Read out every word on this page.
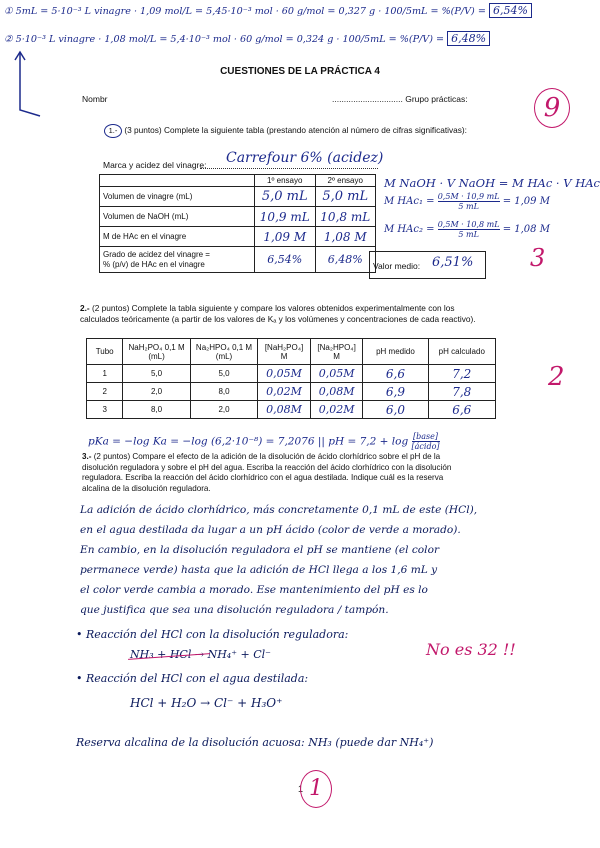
① 5mL = 5·10⁻³ L vinagre · 1,09 mol/L = 5,45·10⁻³ mol · 60 g/mol = 0,327 g · 100/5mL = %(P/V) = 6,54%
② 5·10⁻³ L vinagre · 1,08 mol/L = 5,4·10⁻³ mol · 60 g/mol = 0,324 g · 100/5mL = %(P/V) = 6,48%
CUESTIONES DE LA PRÁCTICA 4
Nombr	.............................. Grupo prácticas:	9
1.- (3 puntos) Complete la siguiente tabla (prestando atención al número de cifras significativas):
Marca y acidez del vinagre: Carrefour 6% (acidez)
	1º ensayo	2º ensayo
Volumen de vinagre (mL)	5,0 mL	5,0 mL
Volumen de NaOH (mL)	10,9 mL	10,8 mL
M de HAc en el vinagre	1,09 M	1,08 M
Grado de acidez del vinagre =
% (p/v) de HAc en el vinagre	6,54%	6,48% Valor medio: 6,51%
M NaOH · V NaOH = M HAc · V HAc
M $HAc_1 = \frac{0,5M \cdot 10,9 mL}{5 mL} = 1,09$ M
M $HAc_2 = \frac{0,5M \cdot 10,8 mL}{5 mL} = 1,08$ M
3
2.- (2 puntos) Complete la tabla siguiente y compare los valores obtenidos experimentalmente con los
calculados teóricamente (a partir de los valores de Kₐ y los volúmenes y concentraciones de cada reactivo).
Tubo	NaH₂PO₄ 0,1 M (mL)	Na₂HPO₄ 0,1 M (mL)	[NaH₂PO₄] M	[Na₂HPO₄] M	pH medido	pH calculado
1	5,0	5,0	0,05M	0,05M	6,6	7,2
2	2,0	8,0	0,02M	0,08M	6,9	7,8
3	8,0	2,0	0,08M	0,02M	6,0	6,6
2
pKa = −log Ka = −log (6,2·10⁻⁸) = 7,2076 || pH = 7,2 + log [base]
[ácido]
3.- (2 puntos) Compare el efecto de la adición de la disolución de ácido clorhídrico sobre el pH de la
disolución reguladora y sobre el pH del agua. Escriba la reacción del ácido clorhídrico con la disolución
reguladora. Escriba la reacción del ácido clorhídrico con el agua destilada. Indique cuál es la reserva
alcalina de la disolución reguladora.
La adición de ácido clorhídrico, más concretamente 0,1 mL de este (HCl),
en el agua destilada da lugar a un pH ácido (color de verde a morado).
En cambio, en la disolución reguladora el pH se mantiene (el color
permanece verde) hasta que la adición de HCl llega a los 1,6 mL y
el color verde cambia a morado. Ese mantenimiento del pH es lo
que justifica que sea una disolución reguladora / tampón.
• Reacción del HCl con la disolución reguladora:
NH₃ + HCl → NH₄⁺ + Cl⁻	No es 32 !!
• Reacción del HCl con el agua destilada:
HCl + H₂O → Cl⁻ + H₃O⁺
Reserva alcalina de la disolución acuosa: NH₃ (puede dar NH₄⁺)
1 1
